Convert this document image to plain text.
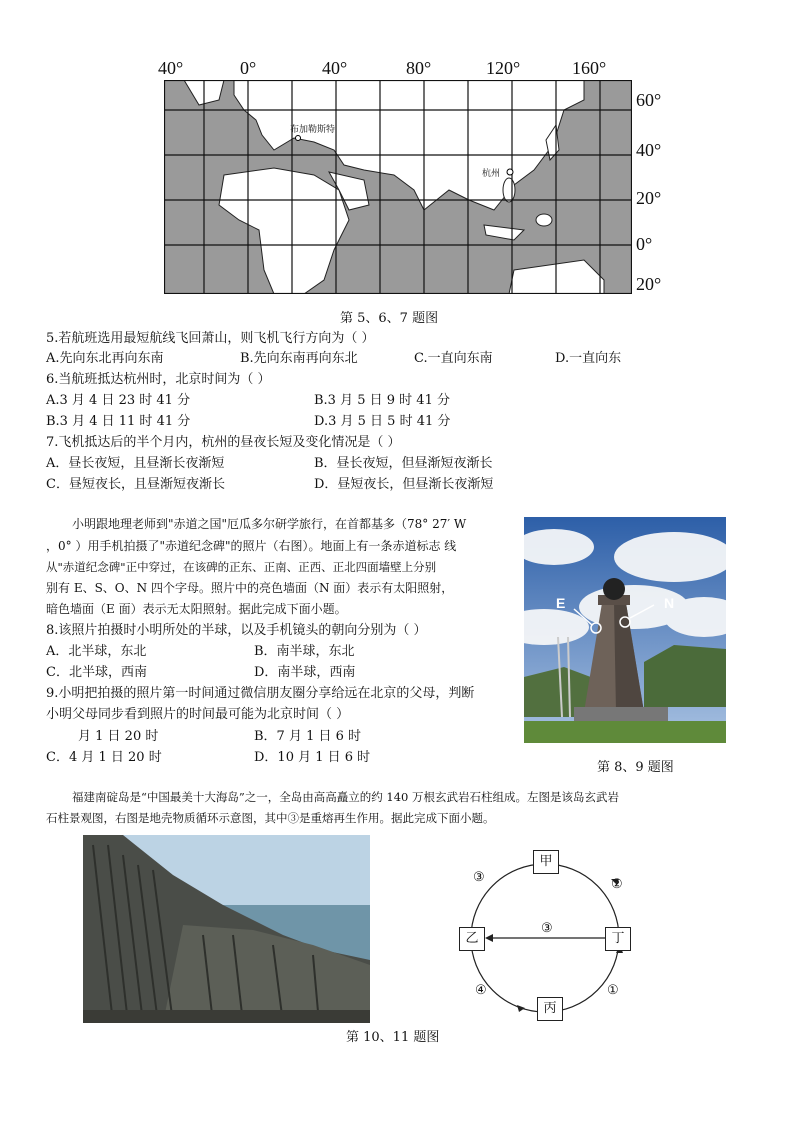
40°	0°	40°	80°	120°	160°
布加勒斯特
杭州
60°
40°
20°
0°
20°
第 5、6、7 题图
5.若航班选用最短航线飞回萧山，则飞机飞行方向为（ ）
A.先向东北再向东南	B.先向东南再向东北	C.一直向东南	D.一直向东
6.当航班抵达杭州时，北京时间为（ ）
A.3 月 4 日 23 时 41 分	B.3 月 5 日 9 时 41 分
B.3 月 4 日 11 时 41 分	D.3 月 5 日 5 时 41 分
7.飞机抵达后的半个月内，杭州的昼夜长短及变化情况是（ ）
A．昼长夜短，且昼渐长夜渐短	B．昼长夜短，但昼渐短夜渐长
C．昼短夜长，且昼渐短夜渐长	D．昼短夜长，但昼渐长夜渐短
小明跟地理老师到"赤道之国"厄瓜多尔研学旅行，在首都基多（78° 27′ W
，0° ）用手机拍摄了"赤道纪念碑"的照片（右图）。地面上有一条赤道标志 线
从"赤道纪念碑"正中穿过，在该碑的正东、正南、正西、正北四面墙壁上分别
别有 E、S、O、N 四个字母。照片中的亮色墙面（N 面）表示有太阳照射，
暗色墙面（E 面）表示无太阳照射。据此完成下面小题。	E	N
第 8、9 题图
8.该照片拍摄时小明所处的半球，以及手机镜头的朝向分别为（ ）
A．北半球，东北	B．南半球，东北
C．北半球，西南	D．南半球，西南
9.小明把拍摄的照片第一时间通过微信朋友圈分享给远在北京的父母，判断
小明父母同步看到照片的时间最可能为北京时间（ ）
月 1 日 20 时	B．7 月 1 日 6 时
C．4 月 1 日 20 时	D．10 月 1 日 6 时
福建南碇岛是“中国最美十大海岛”之一，全岛由高高矗立的约 140 万根玄武岩石柱组成。左图是该岛玄武岩
石柱景观图，右图是地壳物质循环示意图，其中③是重熔再生作用。据此完成下面小题。
甲
乙
丙
丁
③	②
③
④	①
第 10、11 题图
